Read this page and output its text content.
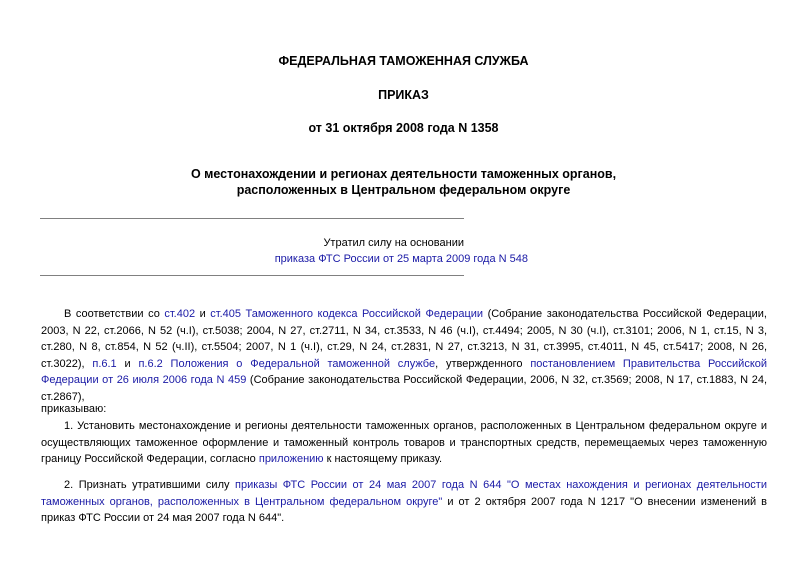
ФЕДЕРАЛЬНАЯ ТАМОЖЕННАЯ СЛУЖБА
ПРИКАЗ
от 31 октября 2008 года N 1358
О местонахождении и регионах деятельности таможенных органов,
расположенных в Центральном федеральном округе
Утратил силу на основании
приказа ФТС России от 25 марта 2009 года N 548
В соответствии со ст.402 и ст.405 Таможенного кодекса Российской Федерации (Собрание законодательства Российской Федерации, 2003, N 22, ст.2066, N 52 (ч.I), ст.5038; 2004, N 27, ст.2711, N 34, ст.3533, N 46 (ч.I), ст.4494; 2005, N 30 (ч.I), ст.3101; 2006, N 1, ст.15, N 3, ст.280, N 8, ст.854, N 52 (ч.II), ст.5504; 2007, N 1 (ч.I), ст.29, N 24, ст.2831, N 27, ст.3213, N 31, ст.3995, ст.4011, N 45, ст.5417; 2008, N 26, ст.3022), п.6.1 и п.6.2 Положения о Федеральной таможенной службе, утвержденного постановлением Правительства Российской Федерации от 26 июля 2006 года N 459 (Собрание законодательства Российской Федерации, 2006, N 32, ст.3569; 2008, N 17, ст.1883, N 24, ст.2867),
приказываю:
1. Установить местонахождение и регионы деятельности таможенных органов, расположенных в Центральном федеральном округе и осуществляющих таможенное оформление и таможенный контроль товаров и транспортных средств, перемещаемых через таможенную границу Российской Федерации, согласно приложению к настоящему приказу.
2. Признать утратившими силу приказы ФТС России от 24 мая 2007 года N 644 "О местах нахождения и регионах деятельности таможенных органов, расположенных в Центральном федеральном округе" и от 2 октября 2007 года N 1217 "О внесении изменений в приказ ФТС России от 24 мая 2007 года N 644".
